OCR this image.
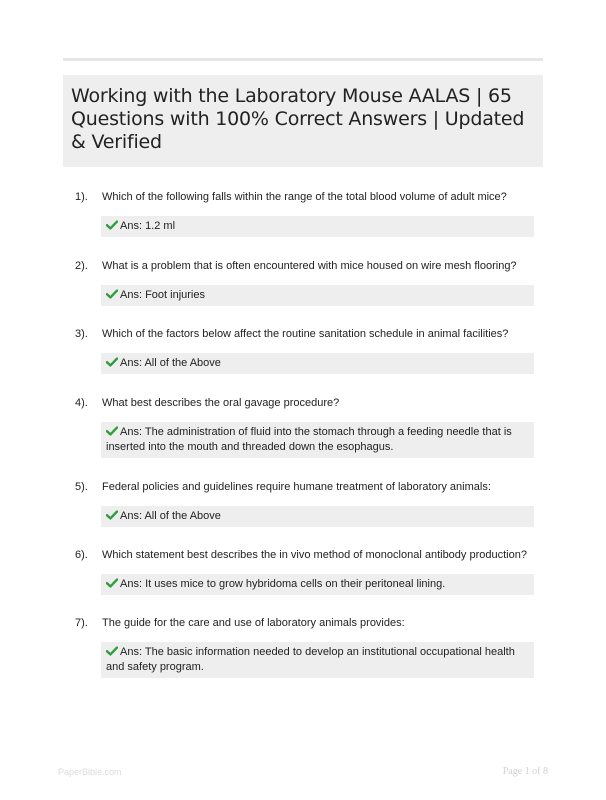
Working with the Laboratory Mouse AALAS | 65 Questions with 100% Correct Answers | Updated & Verified
1).	Which of the following falls within the range of the total blood volume of adult mice?
Ans: 1.2 ml
2).	What is a problem that is often encountered with mice housed on wire mesh flooring?
Ans: Foot injuries
3).	Which of the factors below affect the routine sanitation schedule in animal facilities?
Ans: All of the Above
4).	What best describes the oral gavage procedure?
Ans: The administration of fluid into the stomach through a feeding needle that is inserted into the mouth and threaded down the esophagus.
5).	Federal policies and guidelines require humane treatment of laboratory animals:
Ans: All of the Above
6).	Which statement best describes the in vivo method of monoclonal antibody production?
Ans: It uses mice to grow hybridoma cells on their peritoneal lining.
7).	The guide for the care and use of laboratory animals provides:
Ans: The basic information needed to develop an institutional occupational health and safety program.
PaperBible.com	Page 1 of 8
